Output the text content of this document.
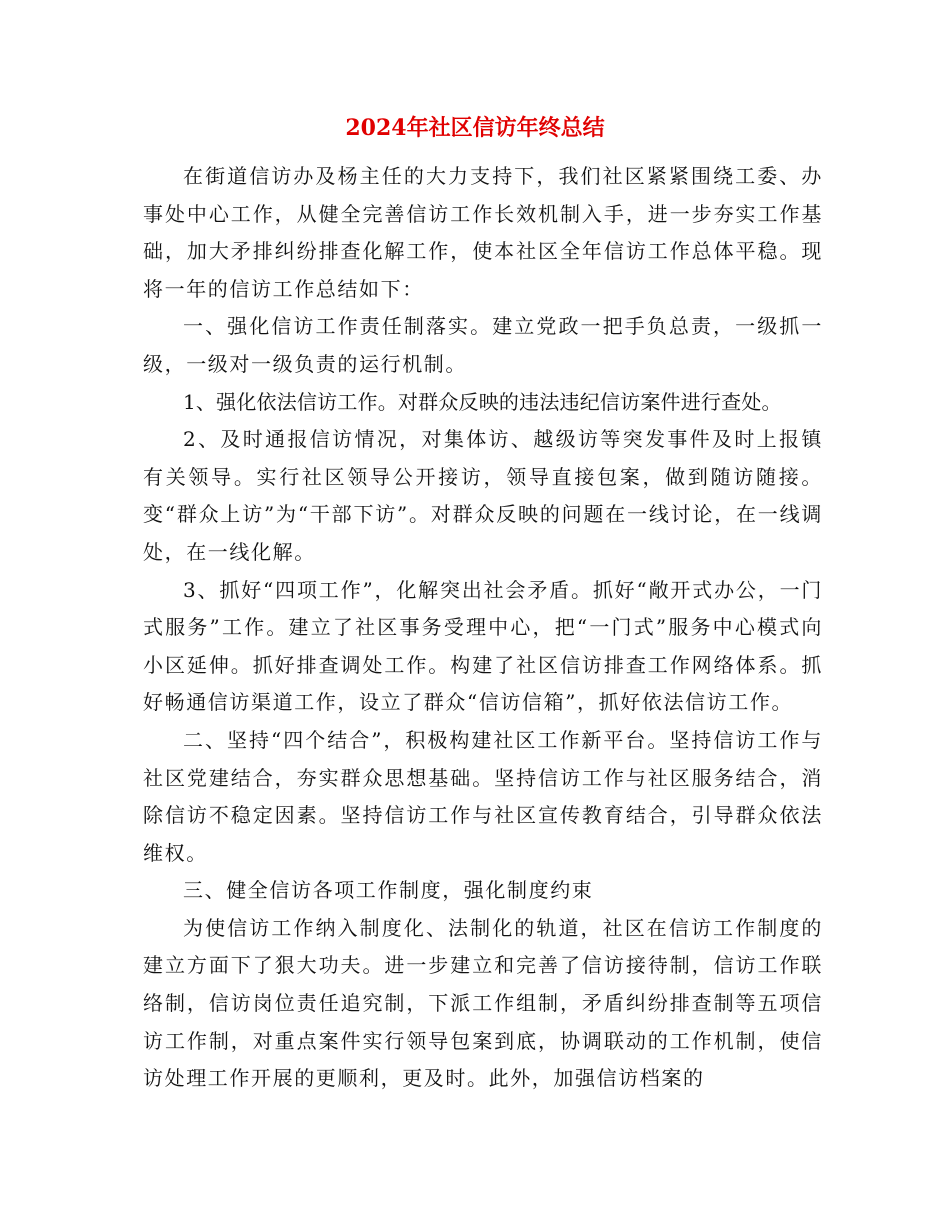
2024年社区信访年终总结

在街道信访办及杨主任的大力支持下，我们社区紧紧围绕工委、办事处中心工作，从健全完善信访工作长效机制入手，进一步夯实工作基础，加大矛排纠纷排查化解工作，使本社区全年信访工作总体平稳。现将一年的信访工作总结如下：

一、强化信访工作责任制落实。建立党政一把手负总责，一级抓一级，一级对一级负责的运行机制。

1、强化依法信访工作。对群众反映的违法违纪信访案件进行查处。

2、及时通报信访情况，对集体访、越级访等突发事件及时上报镇有关领导。实行社区领导公开接访，领导直接包案，做到随访随接。变“群众上访”为“干部下访”。对群众反映的问题在一线讨论，在一线调处，在一线化解。

3、抓好“四项工作”，化解突出社会矛盾。抓好“敞开式办公，一门式服务”工作。建立了社区事务受理中心，把“一门式”服务中心模式向小区延伸。抓好排查调处工作。构建了社区信访排查工作网络体系。抓好畅通信访渠道工作，设立了群众“信访信箱”，抓好依法信访工作。

二、坚持“四个结合”，积极构建社区工作新平台。坚持信访工作与社区党建结合，夯实群众思想基础。坚持信访工作与社区服务结合，消除信访不稳定因素。坚持信访工作与社区宣传教育结合，引导群众依法维权。

三、健全信访各项工作制度，强化制度约束

为使信访工作纳入制度化、法制化的轨道，社区在信访工作制度的建立方面下了狠大功夫。进一步建立和完善了信访接待制，信访工作联络制，信访岗位责任追究制，下派工作组制，矛盾纠纷排查制等五项信访工作制，对重点案件实行领导包案到底，协调联动的工作机制，使信访处理工作开展的更顺利，更及时。此外，加强信访档案的
